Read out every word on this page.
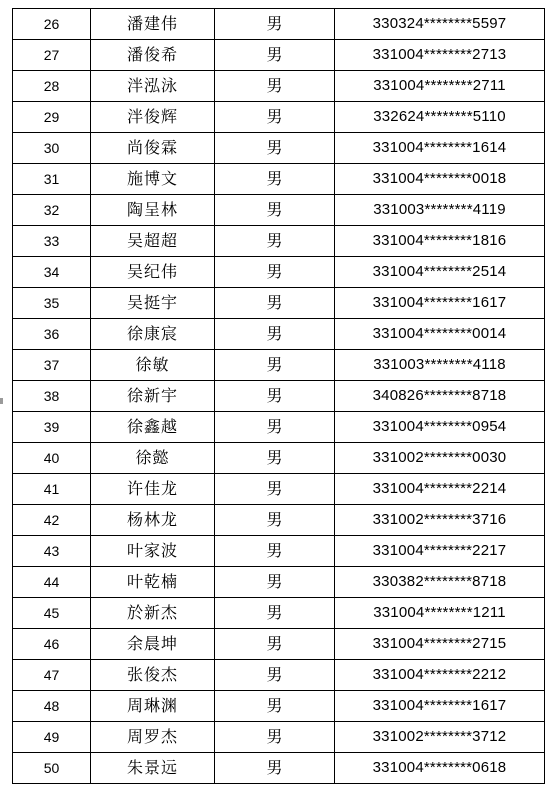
26	潘建伟	男	330324********5597
27	潘俊希	男	331004********2713
28	泮泓泳	男	331004********2711
29	泮俊辉	男	332624********5110
30	尚俊霖	男	331004********1614
31	施博文	男	331004********0018
32	陶呈林	男	331003********4119
33	吴超超	男	331004********1816
34	吴纪伟	男	331004********2514
35	吴挺宇	男	331004********1617
36	徐康宸	男	331004********0014
37	徐敏	男	331003********4118
38	徐新宇	男	340826********8718
39	徐鑫越	男	331004********0954
40	徐懿	男	331002********0030
41	许佳龙	男	331004********2214
42	杨林龙	男	331002********3716
43	叶家波	男	331004********2217
44	叶乾楠	男	330382********8718
45	於新杰	男	331004********1211
46	余晨坤	男	331004********2715
47	张俊杰	男	331004********2212
48	周琳渊	男	331004********1617
49	周罗杰	男	331002********3712
50	朱景远	男	331004********0618
